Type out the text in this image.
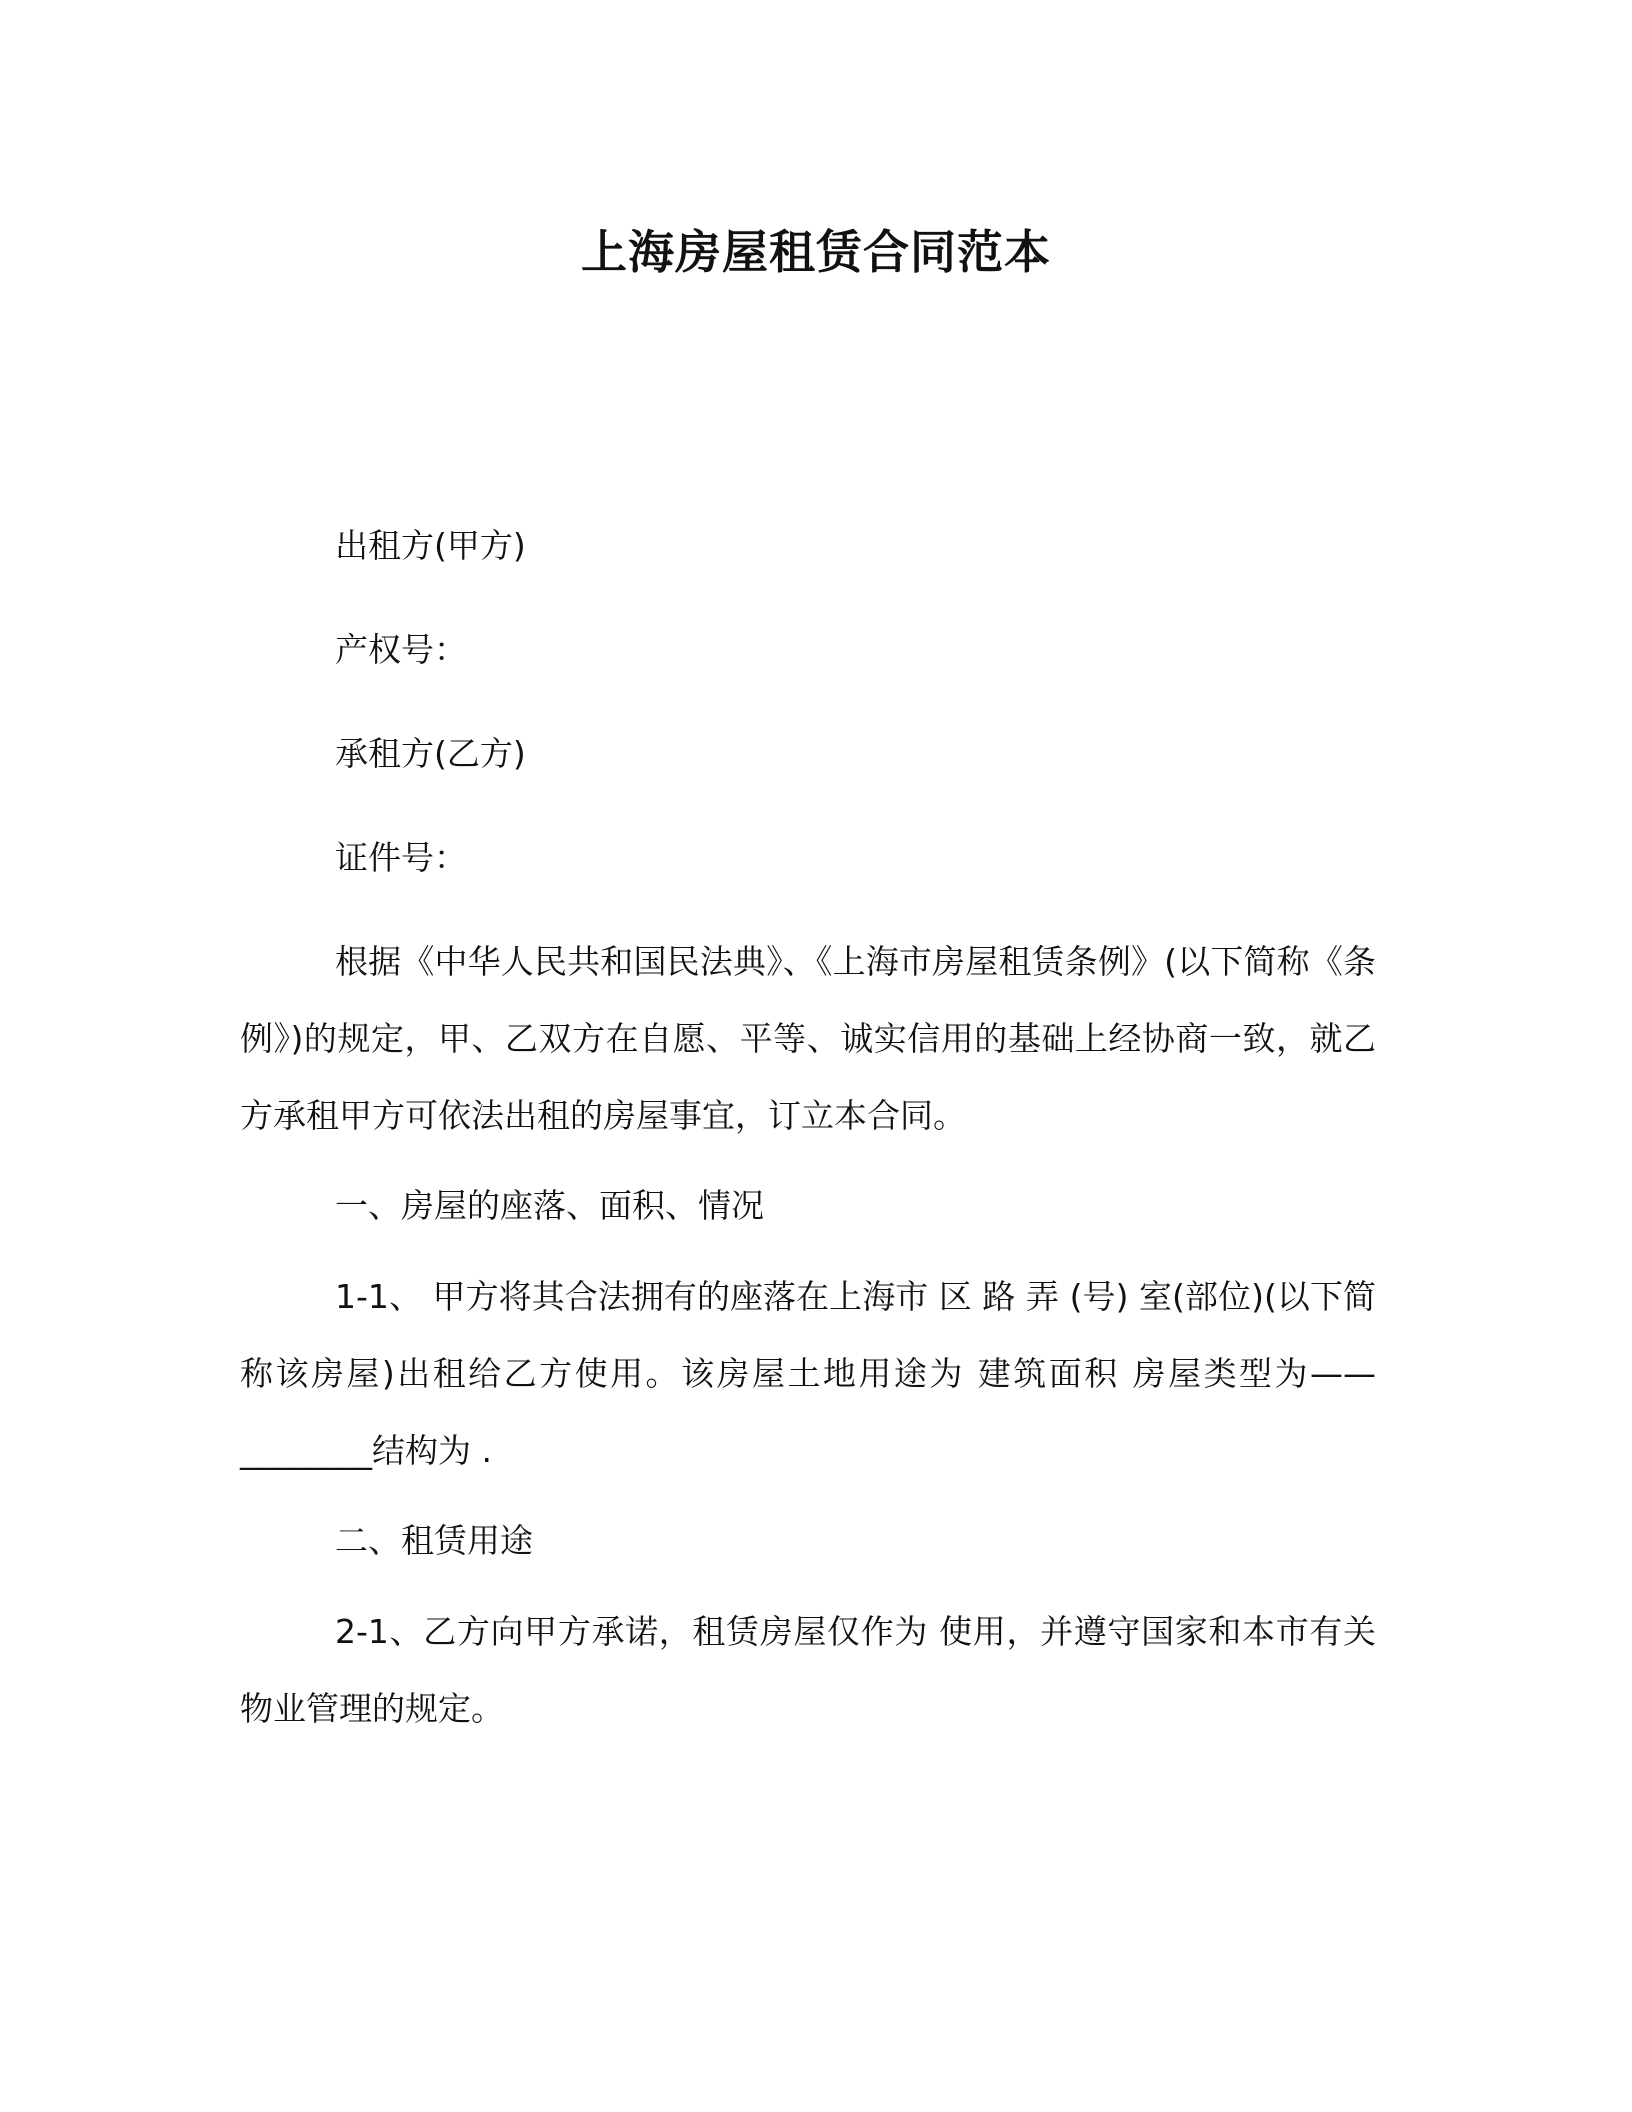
上海房屋租赁合同范本

出租方(甲方)

产权号：

承租方(乙方)

证件号：

根据《中华人民共和国民法典》、《上海市房屋租赁条例》(以下简称《条例》)的规定，甲、乙双方在自愿、平等、诚实信用的基础上经协商一致，就乙方承租甲方可依法出租的房屋事宜，订立本合同。

一、房屋的座落、面积、情况

1-1、 甲方将其合法拥有的座落在上海市 区 路 弄 (号) 室(部位)(以下简称该房屋)出租给乙方使用。该房屋土地用途为 建筑面积 房屋类型为——________结构为 .

二、租赁用途

2-1、乙方向甲方承诺，租赁房屋仅作为 使用，并遵守国家和本市有关物业管理的规定。
